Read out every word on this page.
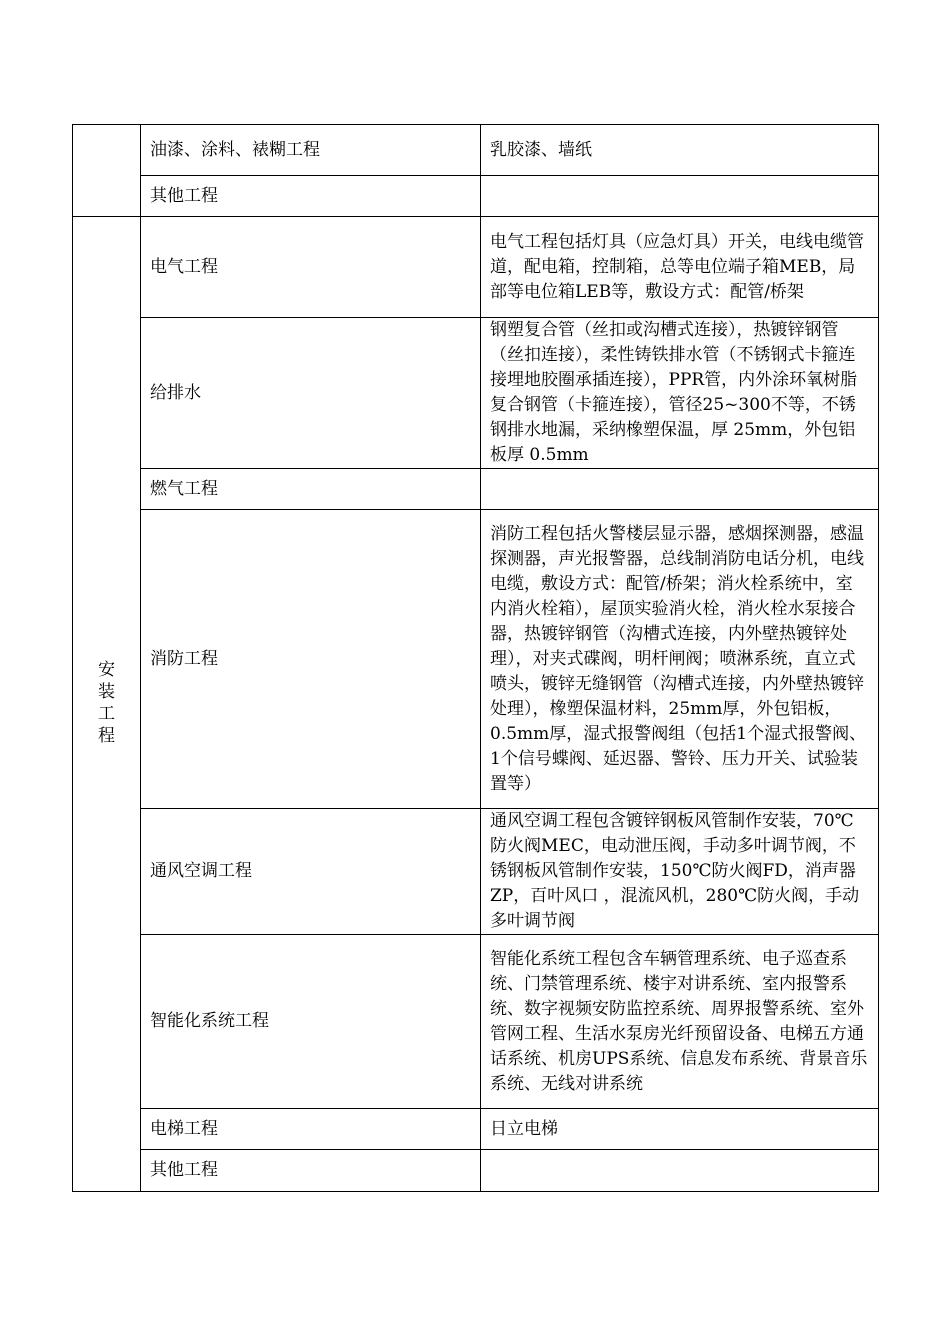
	油漆、涂料、裱糊工程	乳胶漆、墙纸
	其他工程	
安装工程	电气工程	电气工程包括灯具（应急灯具）开关，电线电缆管道，配电箱，控制箱，总等电位端子箱MEB，局部等电位箱LEB等，敷设方式：配管/桥架
	给排水	钢塑复合管（丝扣或沟槽式连接），热镀锌钢管（丝扣连接），柔性铸铁排水管（不锈钢式卡箍连接埋地胶圈承插连接），PPR管，内外涂环氧树脂复合钢管（卡箍连接），管径25~300不等，不锈钢排水地漏，采纳橡塑保温，厚 25mm，外包铝板厚 0.5mm
	燃气工程	
	消防工程	消防工程包括火警楼层显示器，感烟探测器，感温探测器，声光报警器，总线制消防电话分机，电线电缆，敷设方式：配管/桥架；消火栓系统中，室内消火栓箱），屋顶实验消火栓，消火栓水泵接合器，热镀锌钢管（沟槽式连接，内外壁热镀锌处理），对夹式碟阀，明杆闸阀；喷淋系统，直立式喷头，镀锌无缝钢管（沟槽式连接，内外壁热镀锌处理），橡塑保温材料，25mm厚，外包铝板，0.5mm厚，湿式报警阀组（包括1个湿式报警阀、1个信号蝶阀、延迟器、警铃、压力开关、试验装置等）
	通风空调工程	通风空调工程包含镀锌钢板风管制作安装，70℃防火阀MEC，电动泄压阀，手动多叶调节阀，不锈钢板风管制作安装，150℃防火阀FD，消声器ZP，百叶风口 ，混流风机，280℃防火阀，手动多叶调节阀
	智能化系统工程	智能化系统工程包含车辆管理系统、电子巡查系统、门禁管理系统、楼宇对讲系统、室内报警系统、数字视频安防监控系统、周界报警系统、室外管网工程、生活水泵房光纤预留设备、电梯五方通话系统、机房UPS系统、信息发布系统、背景音乐系统、无线对讲系统
	电梯工程	日立电梯
	其他工程	
